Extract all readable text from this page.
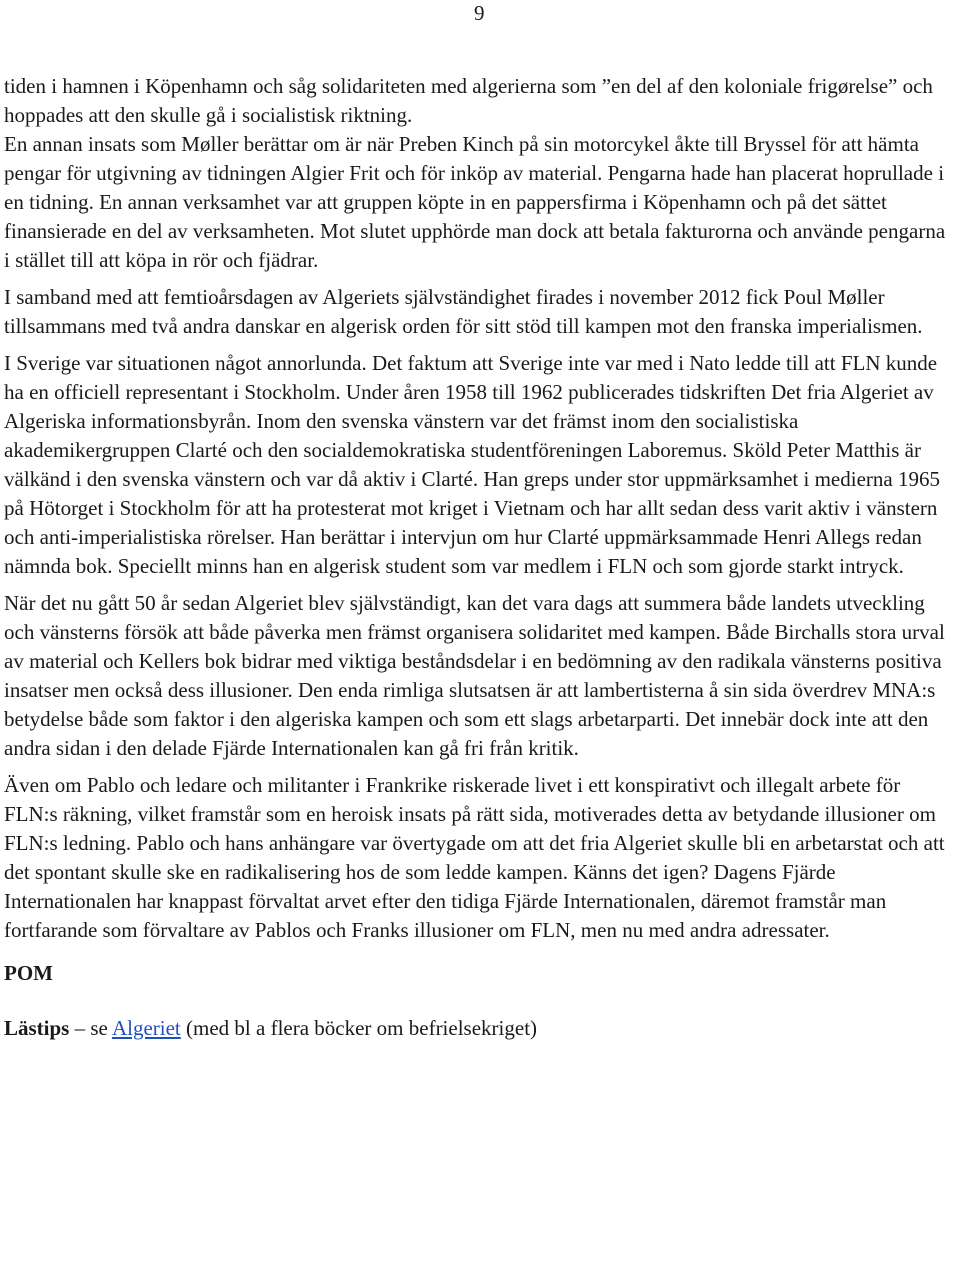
9

tiden i hamnen i Köpenhamn och såg solidariteten med algerierna som ”en del af den koloniale frigørelse” och hoppades att den skulle gå i socialistisk riktning.

En annan insats som Møller berättar om är när Preben Kinch på sin motorcykel åkte till Bryssel för att hämta pengar för utgivning av tidningen Algier Frit och för inköp av material. Pengarna hade han placerat hoprullade i en tidning. En annan verksamhet var att gruppen köpte in en pappersfirma i Köpenhamn och på det sättet finansierade en del av verksamheten. Mot slutet upphörde man dock att betala fakturorna och använde pengarna i stället till att köpa in rör och fjädrar.

I samband med att femtioårsdagen av Algeriets självständighet firades i november 2012 fick Poul Møller tillsammans med två andra danskar en algerisk orden för sitt stöd till kampen mot den franska imperialismen.

I Sverige var situationen något annorlunda. Det faktum att Sverige inte var med i Nato ledde till att FLN kunde ha en officiell representant i Stockholm. Under åren 1958 till 1962 publicerades tidskriften Det fria Algeriet av Algeriska informationsbyrån. Inom den svenska vänstern var det främst inom den socialistiska akademikergruppen Clarté och den socialdemokratiska studentföreningen Laboremus. Sköld Peter Matthis är välkänd i den svenska vänstern och var då aktiv i Clarté. Han greps under stor uppmärksamhet i medierna 1965 på Hötorget i Stockholm för att ha protesterat mot kriget i Vietnam och har allt sedan dess varit aktiv i vänstern och anti-imperialistiska rörelser. Han berättar i intervjun om hur Clarté uppmärksammade Henri Allegs redan nämnda bok. Speciellt minns han en algerisk student som var medlem i FLN och som gjorde starkt intryck.

När det nu gått 50 år sedan Algeriet blev självständigt, kan det vara dags att summera både landets utveckling och vänsterns försök att både påverka men främst organisera solidaritet med kampen. Både Birchalls stora urval av material och Kellers bok bidrar med viktiga beståndsdelar i en bedömning av den radikala vänsterns positiva insatser men också dess illusioner. Den enda rimliga slutsatsen är att lambertisterna å sin sida överdrev MNA:s betydelse både som faktor i den algeriska kampen och som ett slags arbetarparti. Det innebär dock inte att den andra sidan i den delade Fjärde Internationalen kan gå fri från kritik.

Även om Pablo och ledare och militanter i Frankrike riskerade livet i ett konspirativt och illegalt arbete för FLN:s räkning, vilket framstår som en heroisk insats på rätt sida, motiverades detta av betydande illusioner om FLN:s ledning. Pablo och hans anhängare var övertygade om att det fria Algeriet skulle bli en arbetarstat och att det spontant skulle ske en radikalisering hos de som ledde kampen. Känns det igen? Dagens Fjärde Internationalen har knappast förvaltat arvet efter den tidiga Fjärde Internationalen, däremot framstår man fortfarande som förvaltare av Pablos och Franks illusioner om FLN, men nu med andra adressater.

POM

Lästips – se Algeriet (med bl a flera böcker om befrielsekriget)
